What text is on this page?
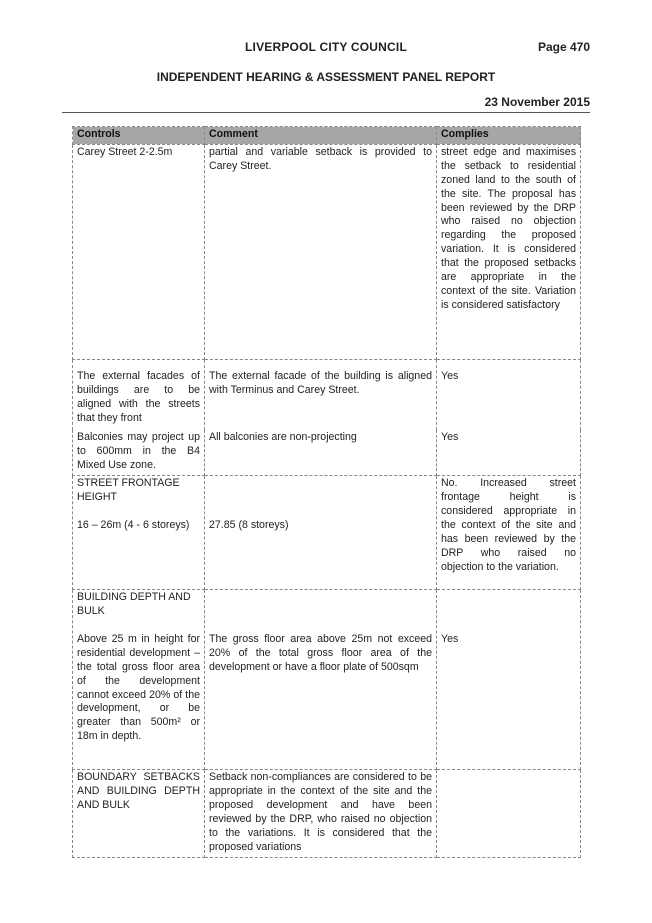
LIVERPOOL CITY COUNCIL	Page 470
INDEPENDENT HEARING & ASSESSMENT PANEL REPORT
23 November 2015
Controls	Comment	Complies

Carey Street 2-2.5m	partial and variable setback is provided to Carey Street.	street edge and maximises the setback to residential zoned land to the south of the site. The proposal has been reviewed by the DRP who raised no objection regarding the proposed variation. It is considered that the proposed setbacks are appropriate in the context of the site. Variation is considered satisfactory

The external facades of buildings are to be aligned with the streets that they front	The external facade of the building is aligned with Terminus and Carey Street.	Yes

Balconies may project up to 600mm in the B4 Mixed Use zone.	All balconies are non-projecting	Yes

STREET FRONTAGE HEIGHT
16 – 26m (4 - 6 storeys)	27.85 (8 storeys)	No. Increased street frontage height is considered appropriate in the context of the site and has been reviewed by the DRP who raised no objection to the variation.

BUILDING DEPTH AND BULK
Above 25 m in height for residential development – the total gross floor area of the development cannot exceed 20% of the development, or be greater than 500m² or 18m in depth.	The gross floor area above 25m not exceed 20% of the total gross floor area of the development or have a floor plate of 500sqm	Yes

BOUNDARY SETBACKS AND BUILDING DEPTH AND BULK	Setback non-compliances are considered to be appropriate in the context of the site and the proposed development and have been reviewed by the DRP, who raised no objection to the variations. It is considered that the proposed variations	
